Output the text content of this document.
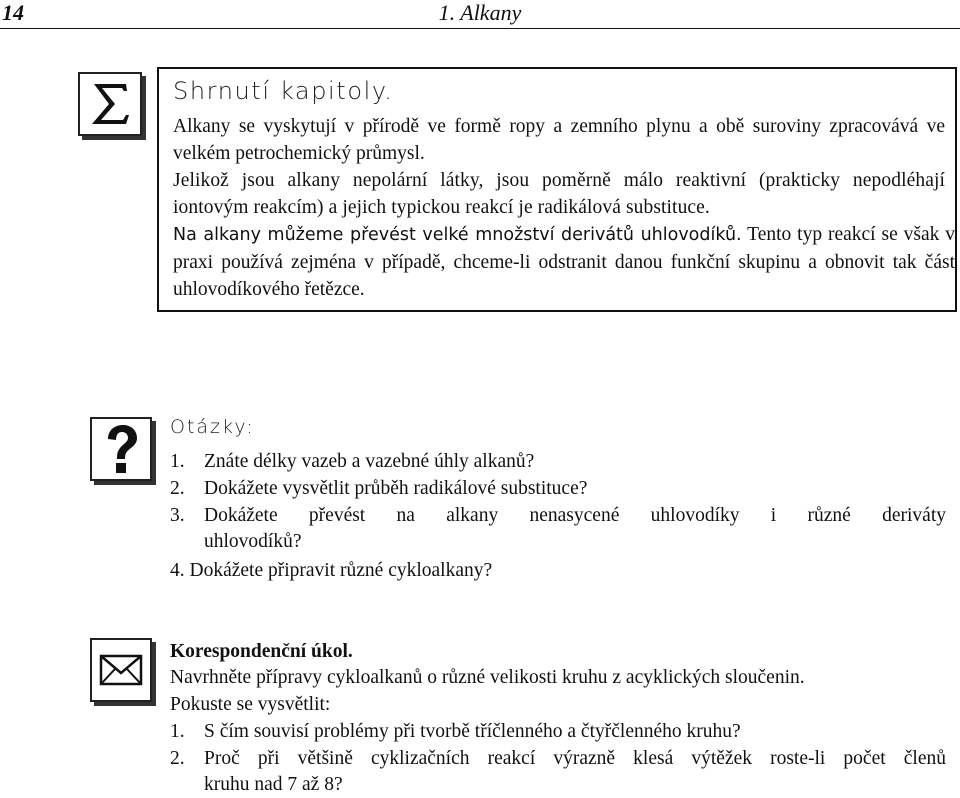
14	1. Alkany
Shrnutí kapitoly.
Alkany se vyskytují v přírodě ve formě ropy a zemního plynu a obě suroviny zpracovává ve velkém petrochemický průmysl.
Jelikož jsou alkany nepolární látky, jsou poměrně málo reaktivní (prakticky nepodléhají iontovým reakcím) a jejich typickou reakcí je radikálová substituce.
Na alkany můžeme převést velké množství derivátů uhlovodíků. Tento typ reakcí se však v praxi používá zejména v případě, chceme-li odstranit danou funkční skupinu a obnovit tak část uhlovodíkového řetězce.
Otázky:
1. Znáte délky vazeb a vazebné úhly alkanů?
2. Dokážete vysvětlit průběh radikálové substituce?
3. Dokážete převést na alkany nenasycené uhlovodíky i různé deriváty
uhlovodíků?
4. Dokážete připravit různé cykloalkany?
Korespondenční úkol.
Navrhněte přípravy cykloalkanů o různé velikosti kruhu z acyklických sloučenin.
Pokuste se vysvětlit:
1. S čím souvisí problémy při tvorbě tříčlenného a čtyřčlenného kruhu?
2. Proč při většině cyklizačních reakcí výrazně klesá výtěžek roste-li počet členů
kruhu nad 7 až 8?
